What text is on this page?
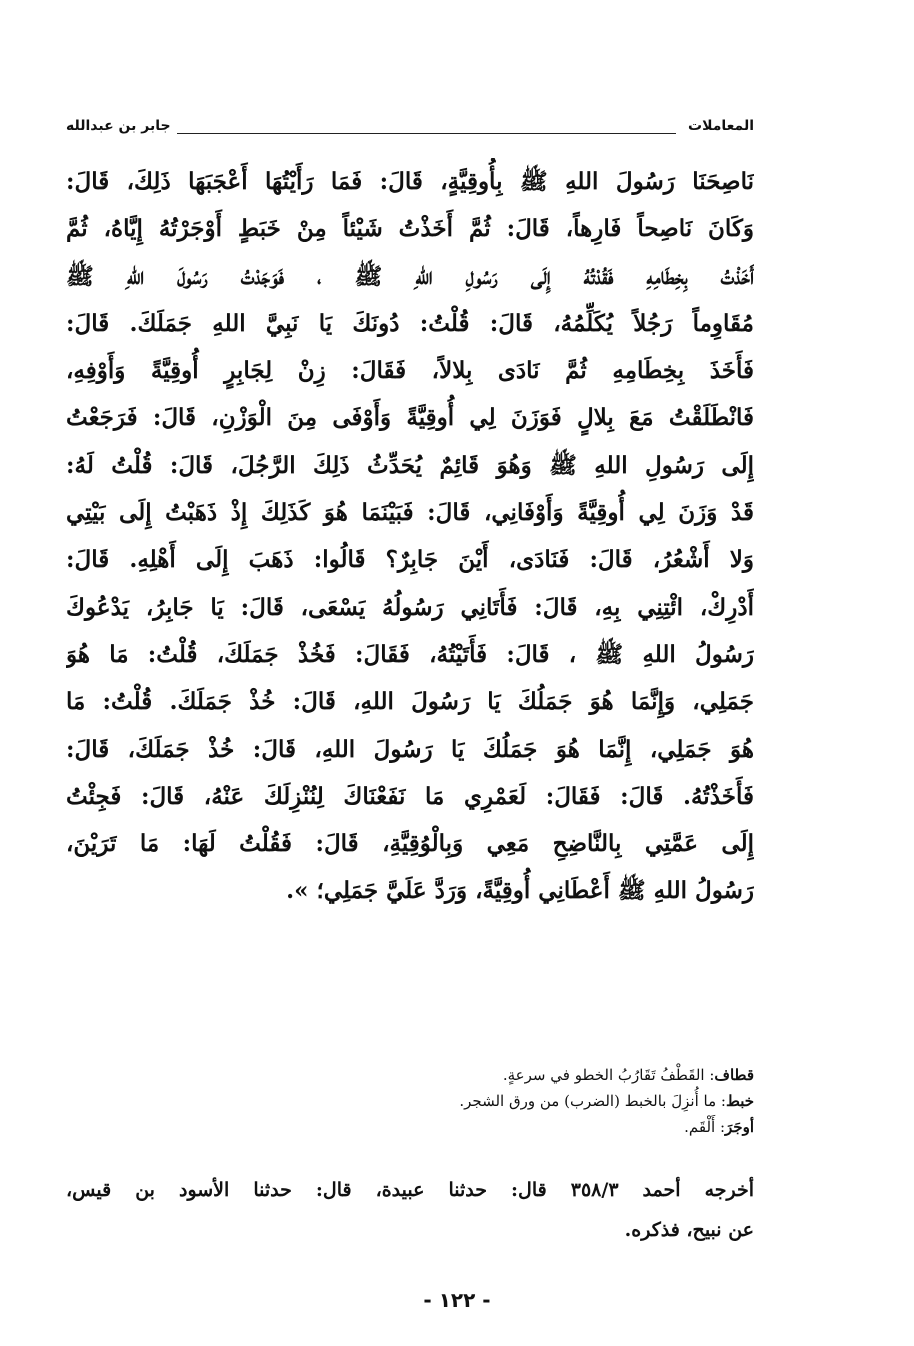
المعاملات
جابر بن عبدالله
نَاصِحَنَا رَسُولَ اللهِ ﷺ بِأُوقِيَّةٍ، قَالَ: فَمَا رَأَيْتُهَا أَعْجَبَهَا ذَلِكَ، قَالَ:
وَكَانَ نَاصِحاً فَارِهاً، قَالَ: ثُمَّ أَخَذْتُ شَيْئاً مِنْ خَبَطٍ أَوْجَرْتُهُ إِيَّاهُ، ثُمَّ
أَخَذْتُ بِخِطَامِهِ فَقُدْتُهُ إِلَى رَسُولِ اللهِ ﷺ ، فَوَجَدْتُ رَسُولَ اللهِ ﷺ
مُقَاوِماً رَجُلاً يُكَلِّمُهُ، قَالَ: قُلْتُ: دُونَكَ يَا نَبِيَّ اللهِ جَمَلَكَ. قَالَ:
فَأَخَذَ بِخِطَامِهِ ثُمَّ نَادَى بِلالاً، فَقَالَ: زِنْ لِجَابِرٍ أُوقِيَّةً وَأَوْفِهِ،
فَانْطَلَقْتُ مَعَ بِلالٍ فَوَزَنَ لِي أُوقِيَّةً وَأَوْفَى مِنَ الْوَزْنِ، قَالَ: فَرَجَعْتُ
إِلَى رَسُولِ اللهِ ﷺ وَهُوَ قَائِمٌ يُحَدِّثُ ذَلِكَ الرَّجُلَ، قَالَ: قُلْتُ لَهُ:
قَدْ وَزَنَ لِي أُوقِيَّةً وَأَوْفَانِي، قَالَ: فَبَيْنَمَا هُوَ كَذَلِكَ إِذْ ذَهَبْتُ إِلَى بَيْتِي
وَلا أَشْعُرُ، قَالَ: فَنَادَى، أَيْنَ جَابِرٌ؟ قَالُوا: ذَهَبَ إِلَى أَهْلِهِ. قَالَ:
أَدْرِكْ، ائْتِنِي بِهِ، قَالَ: فَأَتَانِي رَسُولُهُ يَسْعَى، قَالَ: يَا جَابِرُ، يَدْعُوكَ
رَسُولُ اللهِ ﷺ ، قَالَ: فَأَتَيْتُهُ، فَقَالَ: فَخُذْ جَمَلَكَ، قُلْتُ: مَا هُوَ
جَمَلِي، وَإِنَّمَا هُوَ جَمَلُكَ يَا رَسُولَ اللهِ، قَالَ: خُذْ جَمَلَكَ. قُلْتُ: مَا
هُوَ جَمَلِي، إِنَّمَا هُوَ جَمَلُكَ يَا رَسُولَ اللهِ، قَالَ: خُذْ جَمَلَكَ، قَالَ:
فَأَخَذْتُهُ. قَالَ: فَقَالَ: لَعَمْرِي مَا نَفَعْنَاكَ لِنُنْزِلَكَ عَنْهُ، قَالَ: فَجِئْتُ
إِلَى عَمَّتِي بِالنَّاضِحِ مَعِي وَبِالْوُقِيَّةِ، قَالَ: فَقُلْتُ لَهَا: مَا تَرَيْنَ،
رَسُولُ اللهِ ﷺ أَعْطَانِي أُوقِيَّةً، وَرَدَّ عَلَيَّ جَمَلِي؛ ».
قطاف: القَطْفُ تَقَارُبُ الخطو في سرعةٍ.
خبط: ما أُنزِلَ بالخبط (الضرب) من ورق الشجر.
أوجَرَ: أَلْقَم.
أخرجه أحمد ٣٥٨/٣ قال: حدثنا عبيدة، قال: حدثنا الأسود بن قيس،
عن نبيح، فذكره.
- ١٢٢ -
